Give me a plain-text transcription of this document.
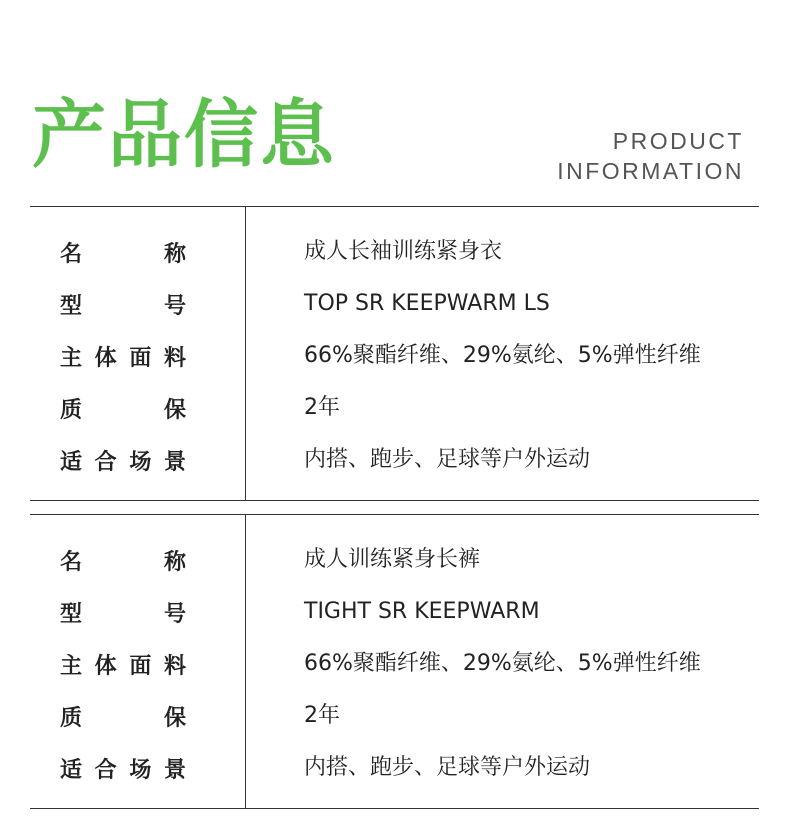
产品信息	PRODUCT
INFORMATION
名	称	成人长袖训练紧身衣
型	号	TOP SR KEEPWARM LS
主 体 面 料	66%聚酯纤维、29%氨纶、5%弹性纤维
质	保	2年
适 合 场 景	内搭、跑步、足球等户外运动
名	称	成人训练紧身长裤
型	号	TIGHT SR KEEPWARM
主 体 面 料	66%聚酯纤维、29%氨纶、5%弹性纤维
质	保	2年
适 合 场 景	内搭、跑步、足球等户外运动
